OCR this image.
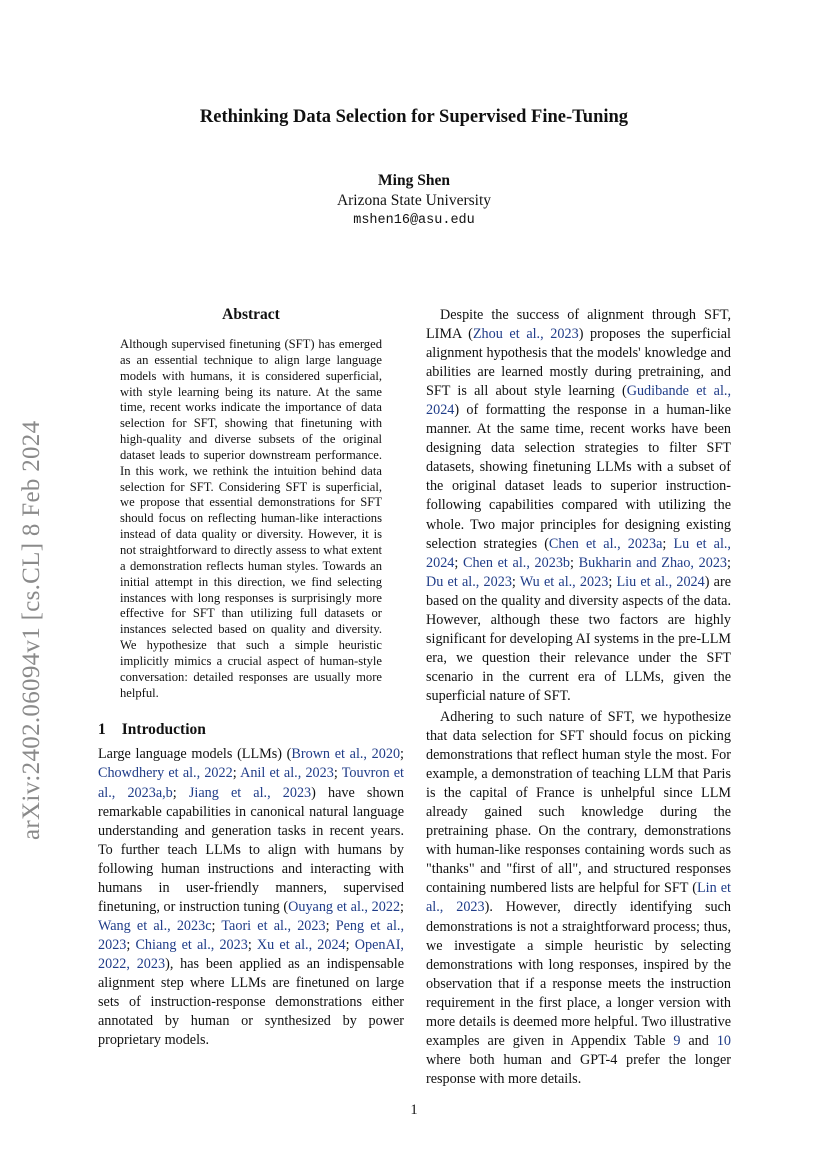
arXiv:2402.06094v1 [cs.CL] 8 Feb 2024
Rethinking Data Selection for Supervised Fine-Tuning
Ming Shen
Arizona State University
mshen16@asu.edu
Abstract

Although supervised finetuning (SFT) has emerged as an essential technique to align large language models with humans, it is considered superficial, with style learning being its nature. At the same time, recent works indicate the importance of data selection for SFT, showing that finetuning with high-quality and diverse subsets of the original dataset leads to superior downstream performance. In this work, we rethink the intuition behind data selection for SFT. Considering SFT is superficial, we propose that essential demonstrations for SFT should focus on reflecting human-like interactions instead of data quality or diversity. However, it is not straightforward to directly assess to what extent a demonstration reflects human styles. Towards an initial attempt in this direction, we find selecting instances with long responses is surprisingly more effective for SFT than utilizing full datasets or instances selected based on quality and diversity. We hypothesize that such a simple heuristic implicitly mimics a crucial aspect of human-style conversation: detailed responses are usually more helpful.

1 Introduction

Large language models (LLMs) (Brown et al., 2020; Chowdhery et al., 2022; Anil et al., 2023; Touvron et al., 2023a,b; Jiang et al., 2023) have shown remarkable capabilities in canonical natural language understanding and generation tasks in recent years. To further teach LLMs to align with humans by following human instructions and interacting with humans in user-friendly manners, supervised finetuning, or instruction tuning (Ouyang et al., 2022; Wang et al., 2023c; Taori et al., 2023; Peng et al., 2023; Chiang et al., 2023; Xu et al., 2024; OpenAI, 2022, 2023), has been applied as an indispensable alignment step where LLMs are finetuned on large sets of instruction-response demonstrations either annotated by human or synthesized by power proprietary models.

Despite the success of alignment through SFT, LIMA (Zhou et al., 2023) proposes the superficial alignment hypothesis that the models' knowledge and abilities are learned mostly during pretraining, and SFT is all about style learning (Gudibande et al., 2024) of formatting the response in a human-like manner. At the same time, recent works have been designing data selection strategies to filter SFT datasets, showing finetuning LLMs with a subset of the original dataset leads to superior instruction-following capabilities compared with utilizing the whole. Two major principles for designing existing selection strategies (Chen et al., 2023a; Lu et al., 2024; Chen et al., 2023b; Bukharin and Zhao, 2023; Du et al., 2023; Wu et al., 2023; Liu et al., 2024) are based on the quality and diversity aspects of the data. However, although these two factors are highly significant for developing AI systems in the pre-LLM era, we question their relevance under the SFT scenario in the current era of LLMs, given the superficial nature of SFT.

Adhering to such nature of SFT, we hypothesize that data selection for SFT should focus on picking demonstrations that reflect human style the most. For example, a demonstration of teaching LLM that Paris is the capital of France is unhelpful since LLM already gained such knowledge during the pretraining phase. On the contrary, demonstrations with human-like responses containing words such as "thanks" and "first of all", and structured responses containing numbered lists are helpful for SFT (Lin et al., 2023). However, directly identifying such demonstrations is not a straightforward process; thus, we investigate a simple heuristic by selecting demonstrations with long responses, inspired by the observation that if a response meets the instruction requirement in the first place, a longer version with more details is deemed more helpful. Two illustrative examples are given in Appendix Table 9 and 10 where both human and GPT-4 prefer the longer response with more details.

1
